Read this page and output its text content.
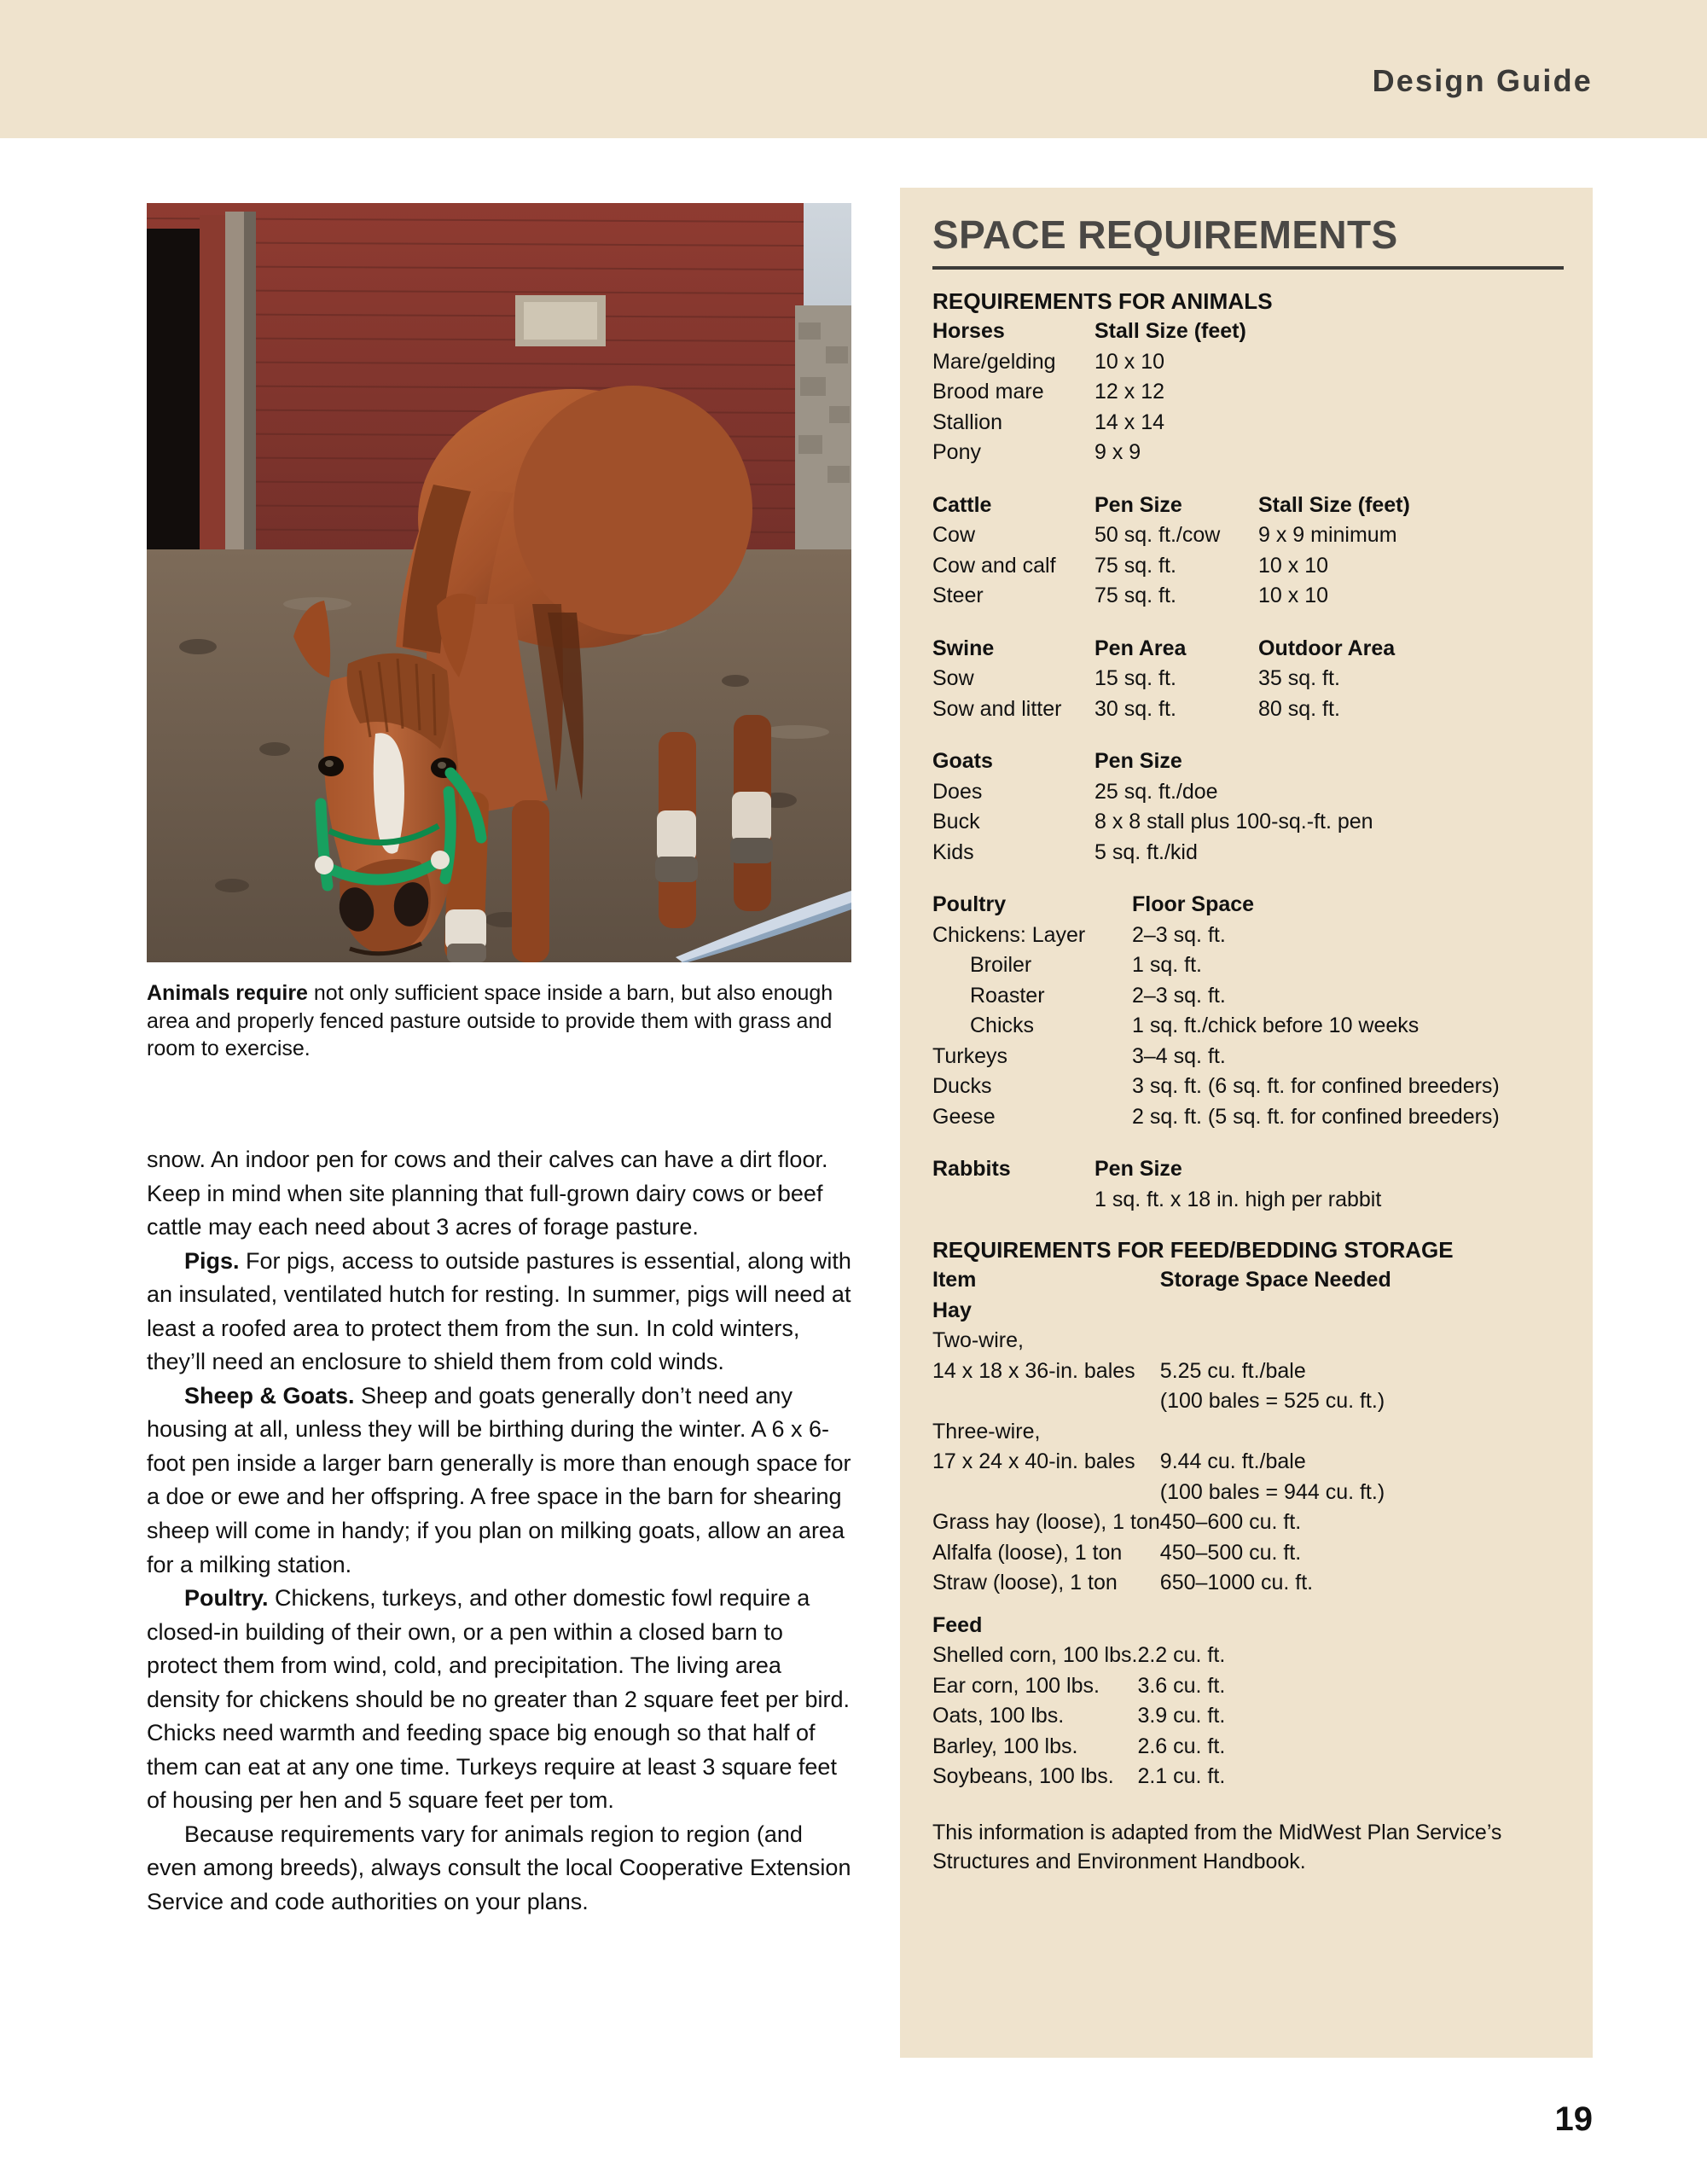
Design Guide
Animals require not only sufficient space inside a barn, but also enough area and properly fenced pasture outside to provide them with grass and room to exercise.

snow. An indoor pen for cows and their calves can have a dirt floor. Keep in mind when site planning that full-grown dairy cows or beef cattle may each need about 3 acres of forage pasture.

Pigs. For pigs, access to outside pastures is essential, along with an insulated, ventilated hutch for resting. In summer, pigs will need at least a roofed area to protect them from the sun. In cold winters, they’ll need an enclosure to shield them from cold winds.

Sheep & Goats. Sheep and goats generally don’t need any housing at all, unless they will be birthing during the winter. A 6 x 6-foot pen inside a larger barn generally is more than enough space for a doe or ewe and her offspring. A free space in the barn for shearing sheep will come in handy; if you plan on milking goats, allow an area for a milking station.

Poultry. Chickens, turkeys, and other domestic fowl require a closed-in building of their own, or a pen within a closed barn to protect them from wind, cold, and precipitation. The living area density for chickens should be no greater than 2 square feet per bird. Chicks need warmth and feeding space big enough so that half of them can eat at any one time. Turkeys require at least 3 square feet of housing per hen and 5 square feet per tom.

Because requirements vary for animals region to region (and even among breeds), always consult the local Cooperative Extension Service and code authorities on your plans.

SPACE REQUIREMENTS
REQUIREMENTS FOR ANIMALS
Horses	Stall Size (feet)	
Mare/gelding	10 x 10	
Brood mare	12 x 12	
Stallion	14 x 14	
Pony	9 x 9	
Cattle	Pen Size	Stall Size (feet)
Cow	50 sq. ft./cow	9 x 9 minimum
Cow and calf	75 sq. ft.	10 x 10
Steer	75 sq. ft.	10 x 10
Swine	Pen Area	Outdoor Area
Sow	15 sq. ft.	35 sq. ft.
Sow and litter	30 sq. ft.	80 sq. ft.
Goats	Pen Size	
Does	25 sq. ft./doe	
Buck	8 x 8 stall plus 100-sq.-ft. pen	
Kids	5 sq. ft./kid	
Poultry	Floor Space	
Chickens: Layer	2–3 sq. ft.	
Broiler	1 sq. ft.	
Roaster	2–3 sq. ft.	
Chicks	1 sq. ft./chick before 10 weeks	
Turkeys	3–4 sq. ft.	
Ducks	3 sq. ft. (6 sq. ft. for confined breeders)	
Geese	2 sq. ft. (5 sq. ft. for confined breeders)	
Rabbits	Pen Size	
	1 sq. ft. x 18 in. high per rabbit	
REQUIREMENTS FOR FEED/BEDDING STORAGE
Item	Storage Space Needed
Hay	
Two-wire,	
14 x 18 x 36-in. bales	5.25 cu. ft./bale
	(100 bales = 525 cu. ft.)
Three-wire,	
17 x 24 x 40-in. bales	9.44 cu. ft./bale
	(100 bales = 944 cu. ft.)
Grass hay (loose), 1 ton	450–600 cu. ft.
Alfalfa (loose), 1 ton	450–500 cu. ft.
Straw (loose), 1 ton	650–1000 cu. ft.
Feed	
Shelled corn, 100 lbs.	2.2 cu. ft.
Ear corn, 100 lbs.	3.6 cu. ft.
Oats, 100 lbs.	3.9 cu. ft.
Barley, 100 lbs.	2.6 cu. ft.
Soybeans, 100 lbs.	2.1 cu. ft.
This information is adapted from the MidWest Plan Service’s Structures and Environment Handbook.
19
